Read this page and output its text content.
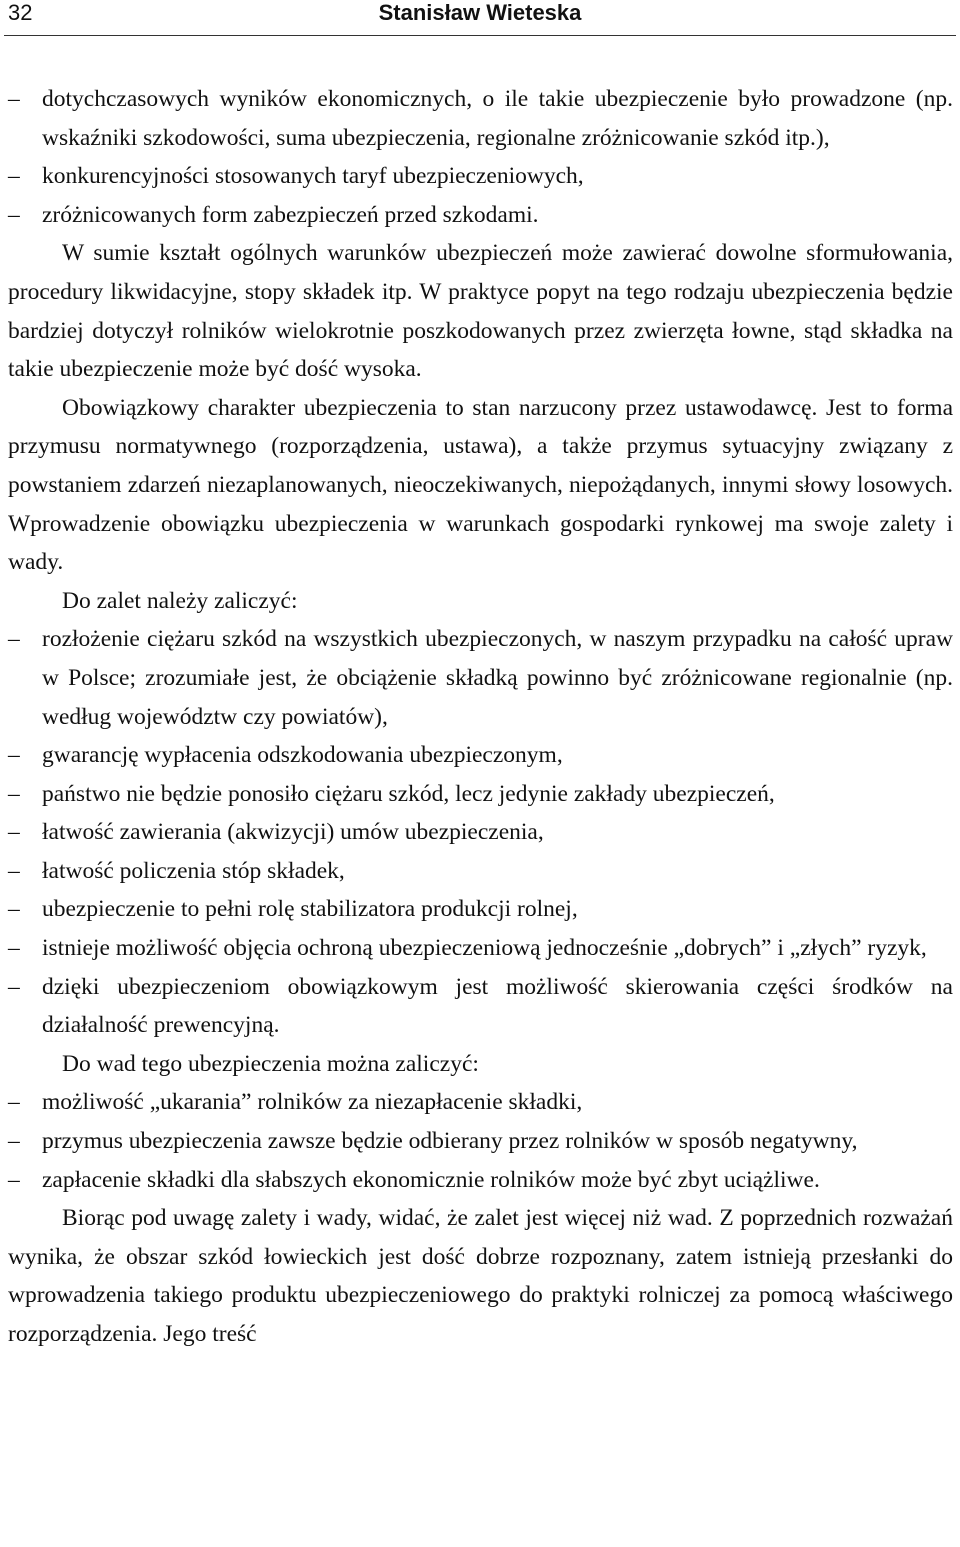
32	Stanisław Wieteska
– dotychczasowych wyników ekonomicznych, o ile takie ubezpieczenie było prowadzone (np. wskaźniki szkodowości, suma ubezpieczenia, regionalne zróżnicowanie szkód itp.),
– konkurencyjności stosowanych taryf ubezpieczeniowych,
– zróżnicowanych form zabezpieczeń przed szkodami.

W sumie kształt ogólnych warunków ubezpieczeń może zawierać dowolne sformułowania, procedury likwidacyjne, stopy składek itp. W praktyce popyt na tego rodzaju ubezpieczenia będzie bardziej dotyczył rolników wielokrotnie poszkodowanych przez zwierzęta łowne, stąd składka na takie ubezpieczenie może być dość wysoka.

Obowiązkowy charakter ubezpieczenia to stan narzucony przez ustawodawcę. Jest to forma przymusu normatywnego (rozporządzenia, ustawa), a także przymus sytuacyjny związany z powstaniem zdarzeń niezaplanowanych, nieoczekiwanych, niepożądanych, innymi słowy losowych. Wprowadzenie obowiązku ubezpieczenia w warunkach gospodarki rynkowej ma swoje zalety i wady.

Do zalet należy zaliczyć:

– rozłożenie ciężaru szkód na wszystkich ubezpieczonych, w naszym przypadku na całość upraw w Polsce; zrozumiałe jest, że obciążenie składką powinno być zróżnicowane regionalnie (np. według województw czy powiatów),
– gwarancję wypłacenia odszkodowania ubezpieczonym,
– państwo nie będzie ponosiło ciężaru szkód, lecz jedynie zakłady ubezpieczeń,
– łatwość zawierania (akwizycji) umów ubezpieczenia,
– łatwość policzenia stóp składek,
– ubezpieczenie to pełni rolę stabilizatora produkcji rolnej,
– istnieje możliwość objęcia ochroną ubezpieczeniową jednocześnie „dobrych” i „złych” ryzyk,
– dzięki ubezpieczeniom obowiązkowym jest możliwość skierowania części środków na działalność prewencyjną.

Do wad tego ubezpieczenia można zaliczyć:

– możliwość „ukarania” rolników za niezapłacenie składki,
– przymus ubezpieczenia zawsze będzie odbierany przez rolników w sposób negatywny,
– zapłacenie składki dla słabszych ekonomicznie rolników może być zbyt uciążliwe.

Biorąc pod uwagę zalety i wady, widać, że zalet jest więcej niż wad. Z poprzednich rozważań wynika, że obszar szkód łowieckich jest dość dobrze rozpoznany, zatem istnieją przesłanki do wprowadzenia takiego produktu ubezpieczeniowego do praktyki rolniczej za pomocą właściwego rozporządzenia. Jego treść
